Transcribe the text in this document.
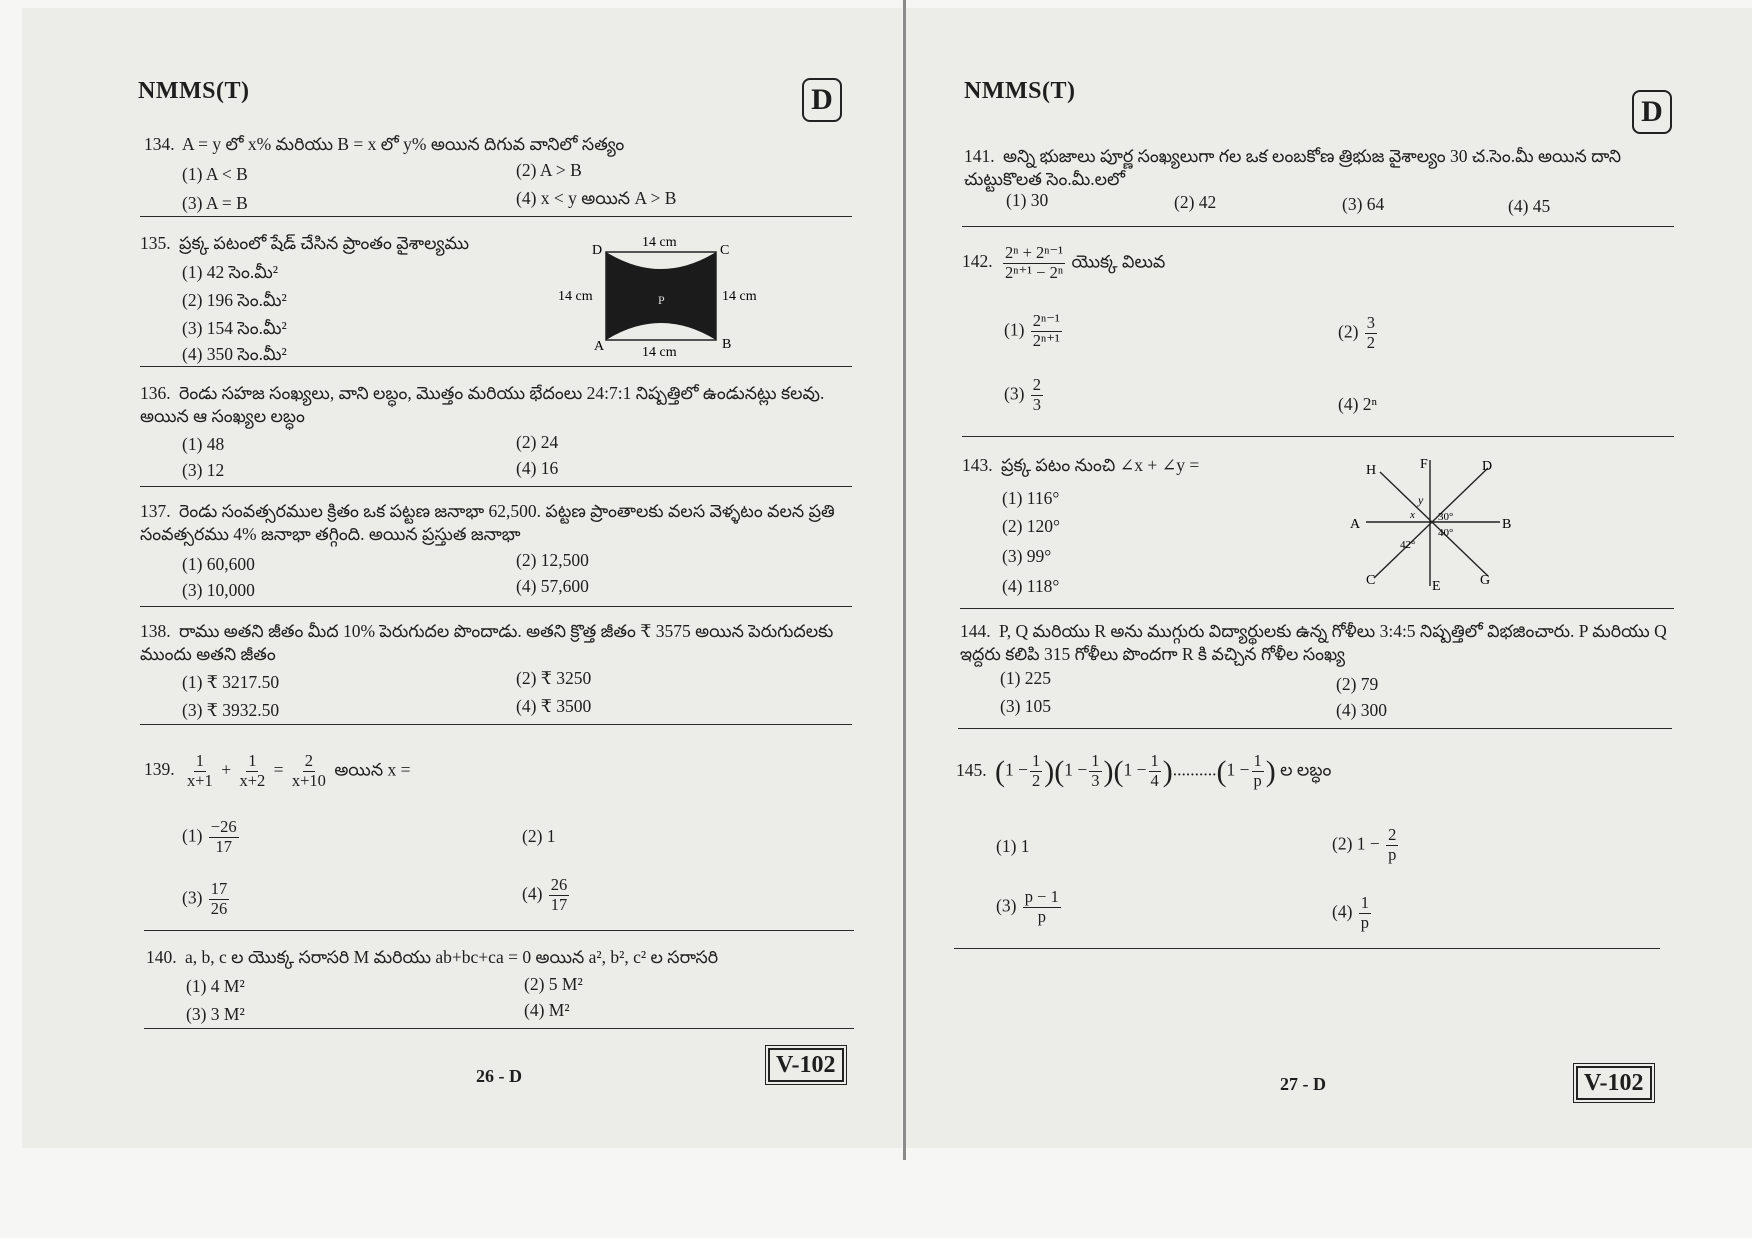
NMMS(T)	D
134. A = y లో x% మరియు B = x లో y% అయిన దిగువ వానిలో సత్యం
(1) A < B	(2) A > B
(3) A = B	(4) x < y అయిన A > B
135. ప్రక్క పటంలో షేడ్ చేసిన ప్రాంతం వైశాల్యము
(1) 42 సెం.మీ²
(2) 196 సెం.మీ²
(3) 154 సెం.మీ²
(4) 350 సెం.మీ²
14 cm
14 cm
14 cm	14 cm
D	C
A	B
P
136. రెండు సహజ సంఖ్యలు, వాని లబ్ధం, మొత్తం మరియు భేదంలు 24:7:1 నిష్పత్తిలో ఉండునట్లు కలవు. అయిన ఆ సంఖ్యల లబ్ధం
(1) 48	(2) 24
(3) 12	(4) 16
137. రెండు సంవత్సరముల క్రితం ఒక పట్టణ జనాభా 62,500. పట్టణ ప్రాంతాలకు వలస వెళ్ళటం వలన ప్రతి సంవత్సరము 4% జనాభా తగ్గింది. అయిన ప్రస్తుత జనాభా
(1) 60,600	(2) 12,500
(3) 10,000	(4) 57,600
138. రాము అతని జీతం మీద 10% పెరుగుదల పొందాడు. అతని క్రొత్త జీతం ₹ 3575 అయిన పెరుగుదలకు ముందు అతని జీతం
(1) ₹ 3217.50	(2) ₹ 3250
(3) ₹ 3932.50	(4) ₹ 3500
139. $\frac{1}{x+1} + \frac{1}{x+2} = \frac{2}{x+10}$ అయిన x =
$(1) \frac{-26}{17}$	(2) 1
$(3) \frac{17}{26}$	$(4) \frac{26}{17}$
140. a, b, c ల యొక్క సరాసరి M మరియు ab+bc+ca = 0 అయిన a², b², c² ల సరాసరి
(1) 4 M²	(2) 5 M²
(3) 3 M²	(4) M²
26 - D	V-102
NMMS(T)
D
141. అన్ని భుజాలు పూర్ణ సంఖ్యలుగా గల ఒక లంబకోణ త్రిభుజ వైశాల్యం 30 చ.సెం.మీ అయిన దాని చుట్టుకొలత సెం.మీ.లలో
(1) 30	(2) 42	(3) 64	(4) 45
142. $\frac{\text{2ⁿ + 2ⁿ⁻¹}}{\text{2ⁿ⁺¹ − 2ⁿ}}$ యొక్క విలువ
$(1) \frac{\text{2ⁿ⁻¹}}{\text{2ⁿ⁺¹}}$	$(2) \frac{3}{2}$
$(3) \frac{2}{3}$	(4) 2ⁿ
143. ప్రక్క పటం నుంచి ∠x + ∠y =
(1) 116°
(2) 120°
(3) 99°
(4) 118°
A	B
C
D
E
F
G
H
y
x 30°
40°
42°
144. P, Q మరియు R అను ముగ్గురు విద్యార్థులకు ఉన్న గోళీలు 3:4:5 నిష్పత్తిలో విభజించారు. P మరియు Q ఇద్దరు కలిపి 315 గోళీలు పొందగా R కి వచ్చిన గోళీల సంఖ్య
(1) 225	(2) 79
(3) 105	(4) 300
145. $(1 - \frac{1}{2} )(1 - \frac{1}{3} )(1 - \frac{1}{4} )..........(1 - \frac{1}{p}$ ) ల లబ్ధం
(1) 1	(2) $1 - \frac{2}{p}$
$(3) \frac{p - 1}{p}$	$(4) \frac{1}{p}$
27 - D	V-102
